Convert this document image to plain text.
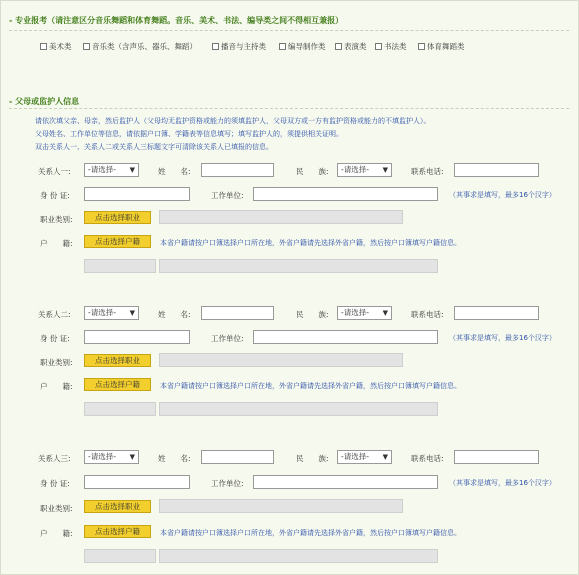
- 专业报考（请注意区分音乐舞蹈和体育舞蹈。音乐、美术、书法、编导类之间不得相互兼报）
美术类	音乐类（含声乐、器乐、舞蹈）	播音与主持类	编导制作类 表演类 书法类	体育舞蹈类
- 父母或监护人信息
请依次填父亲、母亲，然后监护人（父母均无监护资格或能力的须填监护人，父母双方或一方有监护资格或能力的不填监护人）。
父母姓名、工作单位等信息，请依据户口簿、学籍表等信息填写；填写监护人的，须提供相关证明。
双击关系人一、关系人二或关系人三标题文字可清除该关系人已填报的信息。
关系人一:	-请选择- ▼	姓　　名:	民　　族:	-请选择- ▼	联系电话:
身 份 证:	工作单位:	（其事求是填写，最多16个汉字）
职业类别:	点击选择职业
户　　籍:	点击选择户籍	本省户籍请按户口簿选择户口所在地，外省户籍请先选择外省户籍，然后按户口簿填写户籍信息。
关系人二:	-请选择- ▼	姓　　名:	民　　族:	-请选择- ▼	联系电话:
身 份 证:	工作单位:	（其事求是填写，最多16个汉字）
职业类别:	点击选择职业
户　　籍:	点击选择户籍	本省户籍请按户口簿选择户口所在地，外省户籍请先选择外省户籍，然后按户口簿填写户籍信息。
关系人三:	-请选择- ▼	姓　　名:	民　　族:	-请选择- ▼	联系电话:
身 份 证:	工作单位:	（其事求是填写，最多16个汉字）
职业类别:	点击选择职业
户　　籍:	点击选择户籍	本省户籍请按户口簿选择户口所在地，外省户籍请先选择外省户籍，然后按户口簿填写户籍信息。
